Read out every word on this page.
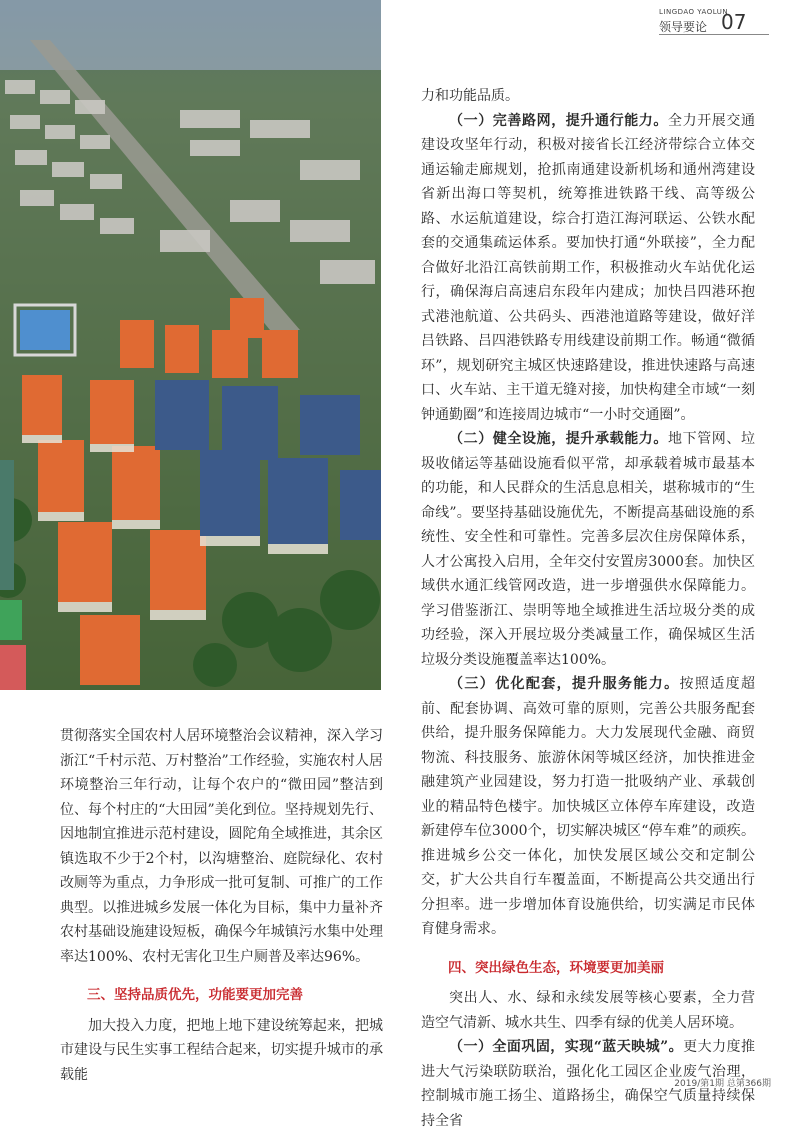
LINGDAO YAOLUN
领导要论 07

力和功能品质。

（一）完善路网，提升通行能力。全力开展交通建设攻坚年行动，积极对接省长江经济带综合立体交通运输走廊规划，抢抓南通建设新机场和通州湾建设省新出海口等契机，统筹推进铁路干线、高等级公路、水运航道建设，综合打造江海河联运、公铁水配套的交通集疏运体系。要加快打通“外联接”，全力配合做好北沿江高铁前期工作，积极推动火车站优化运行，确保海启高速启东段年内建成；加快吕四港环抱式港池航道、公共码头、西港池道路等建设，做好洋吕铁路、吕四港铁路专用线建设前期工作。畅通“微循环”，规划研究主城区快速路建设，推进快速路与高速口、火车站、主干道无缝对接，加快构建全市域“一刻钟通勤圈”和连接周边城市“一小时交通圈”。

（二）健全设施，提升承载能力。地下管网、垃圾收储运等基础设施看似平常，却承载着城市最基本的功能，和人民群众的生活息息相关，堪称城市的“生命线”。要坚持基础设施优先，不断提高基础设施的系统性、安全性和可靠性。完善多层次住房保障体系，人才公寓投入启用，全年交付安置房3000套。加快区域供水通汇线管网改造，进一步增强供水保障能力。学习借鉴浙江、崇明等地全域推进生活垃圾分类的成功经验，深入开展垃圾分类减量工作，确保城区生活垃圾分类设施覆盖率达100%。

（三）优化配套，提升服务能力。按照适度超前、配套协调、高效可靠的原则，完善公共服务配套供给，提升服务保障能力。大力发展现代金融、商贸物流、科技服务、旅游休闲等城区经济，加快推进金融建筑产业园建设，努力打造一批吸纳产业、承载创业的精品特色楼宇。加快城区立体停车库建设，改造新建停车位3000个，切实解决城区“停车难”的顽疾。推进城乡公交一体化，加快发展区域公交和定制公交，扩大公共自行车覆盖面，不断提高公共交通出行分担率。进一步增加体育设施供给，切实满足市民体育健身需求。

四、突出绿色生态，环境要更加美丽

突出人、水、绿和永续发展等核心要素，全力营造空气清新、城水共生、四季有绿的优美人居环境。

（一）全面巩固，实现“蓝天映城”。更大力度推进大气污染联防联治，强化化工园区企业废气治理，控制城市施工扬尘、道路扬尘，确保空气质量持续保持全省

贯彻落实全国农村人居环境整治会议精神，深入学习浙江“千村示范、万村整治”工作经验，实施农村人居环境整治三年行动，让每个农户的“微田园”整洁到位、每个村庄的“大田园”美化到位。坚持规划先行、因地制宜推进示范村建设，圆陀角全域推进，其余区镇选取不少于2个村，以沟塘整治、庭院绿化、农村改厕等为重点，力争形成一批可复制、可推广的工作典型。以推进城乡发展一体化为目标，集中力量补齐农村基础设施建设短板，确保今年城镇污水集中处理率达100%、农村无害化卫生户厕普及率达96%。

三、坚持品质优先，功能要更加完善

加大投入力度，把地上地下建设统筹起来，把城市建设与民生实事工程结合起来，切实提升城市的承载能

2019/第1期 总第366期
